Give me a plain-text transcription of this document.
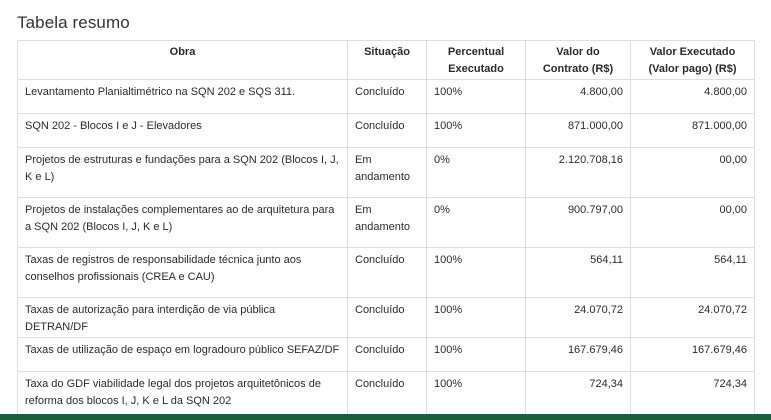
Tabela resumo
Obra	Situação	Percentual Executado	Valor do Contrato (R$)	Valor Executado (Valor pago) (R$)
Levantamento Planialtimétrico na SQN 202 e SQS 311.	Concluído	100%	4.800,00	4.800,00
SQN 202 - Blocos I e J - Elevadores	Concluído	100%	871.000,00	871.000,00
Projetos de estruturas e fundações para a SQN 202 (Blocos I, J, K e L)	Em andamento	0%	2.120.708,16	00,00
Projetos de instalações complementares ao de arquitetura para a SQN 202 (Blocos I, J, K e L)	Em andamento	0%	900.797,00	00,00
Taxas de registros de responsabilidade técnica junto aos conselhos profissionais (CREA e CAU)	Concluído	100%	564,11	564,11
Taxas de autorização para interdição de via pública DETRAN/DF	Concluído	100%	24.070,72	24.070,72
Taxas de utilização de espaço em logradouro público SEFAZ/DF	Concluído	100%	167.679,46	167.679,46
Taxa do GDF viabilidade legal dos projetos arquitetônicos de reforma dos blocos I, J, K e L da SQN 202	Concluído	100%	724,34	724,34
